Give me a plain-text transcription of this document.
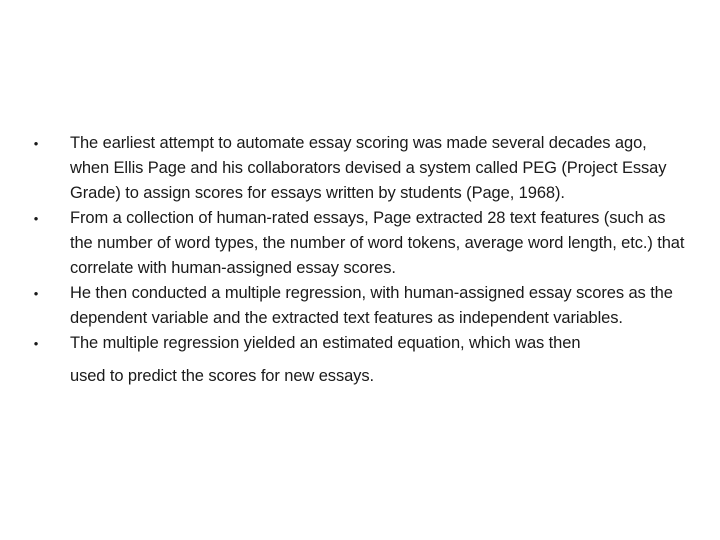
•	The earliest attempt to automate essay scoring was made several decades ago, when Ellis Page and his collaborators devised a system called PEG (Project Essay Grade) to assign scores for essays written by students (Page, 1968).
•	From a collection of human-rated essays, Page extracted 28 text features (such as the number of word types, the number of word tokens, average word length, etc.) that correlate with human-assigned essay scores.
•	He then conducted a multiple regression, with human-assigned essay scores as the dependent variable and the extracted text features as independent variables.
•	The multiple regression yielded an estimated equation, which was then
used to predict the scores for new essays.
